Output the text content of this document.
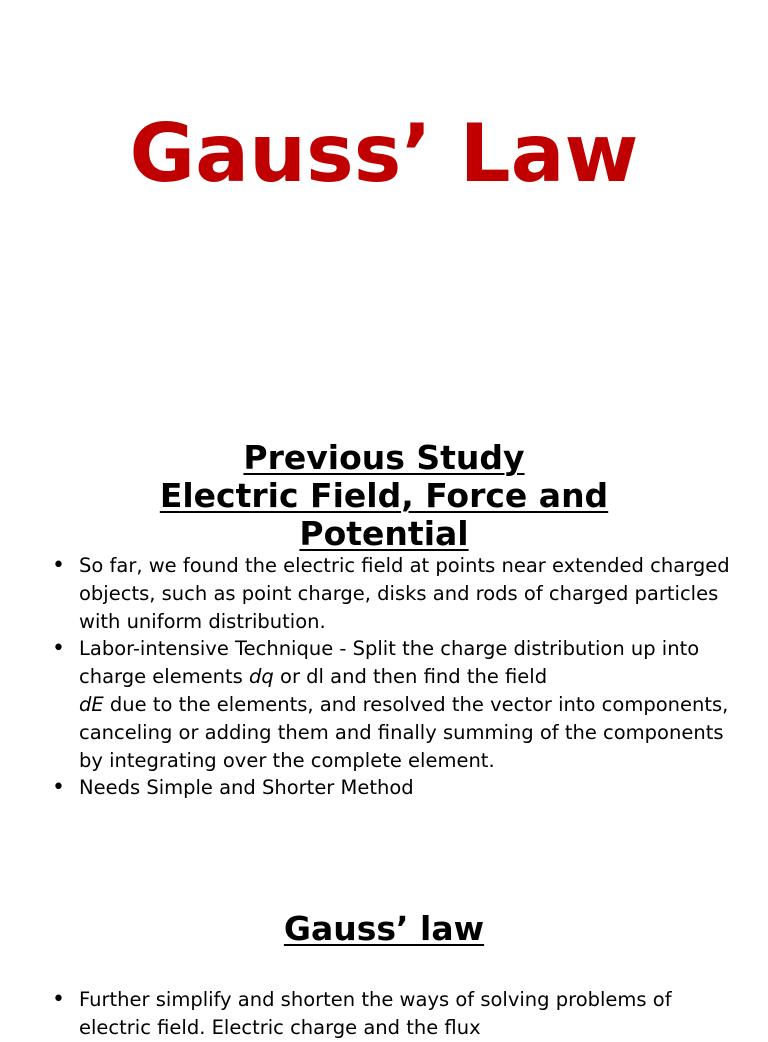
Gauss’ Law
Previous Study
Electric Field, Force and
Potential
• So far, we found the electric field at points near extended charged objects, such as point charge, disks and rods of charged particles with uniform distribution.
• Labor-intensive Technique - Split the charge distribution up into charge elements dq or dl and then find the field
dE due to the elements, and resolved the vector into components, canceling or adding them and finally summing of the components by integrating over the complete element.
• Needs Simple and Shorter Method
Gauss’ law
• Further simplify and shorten the ways of solving problems of electric field. Electric charge and the flux
